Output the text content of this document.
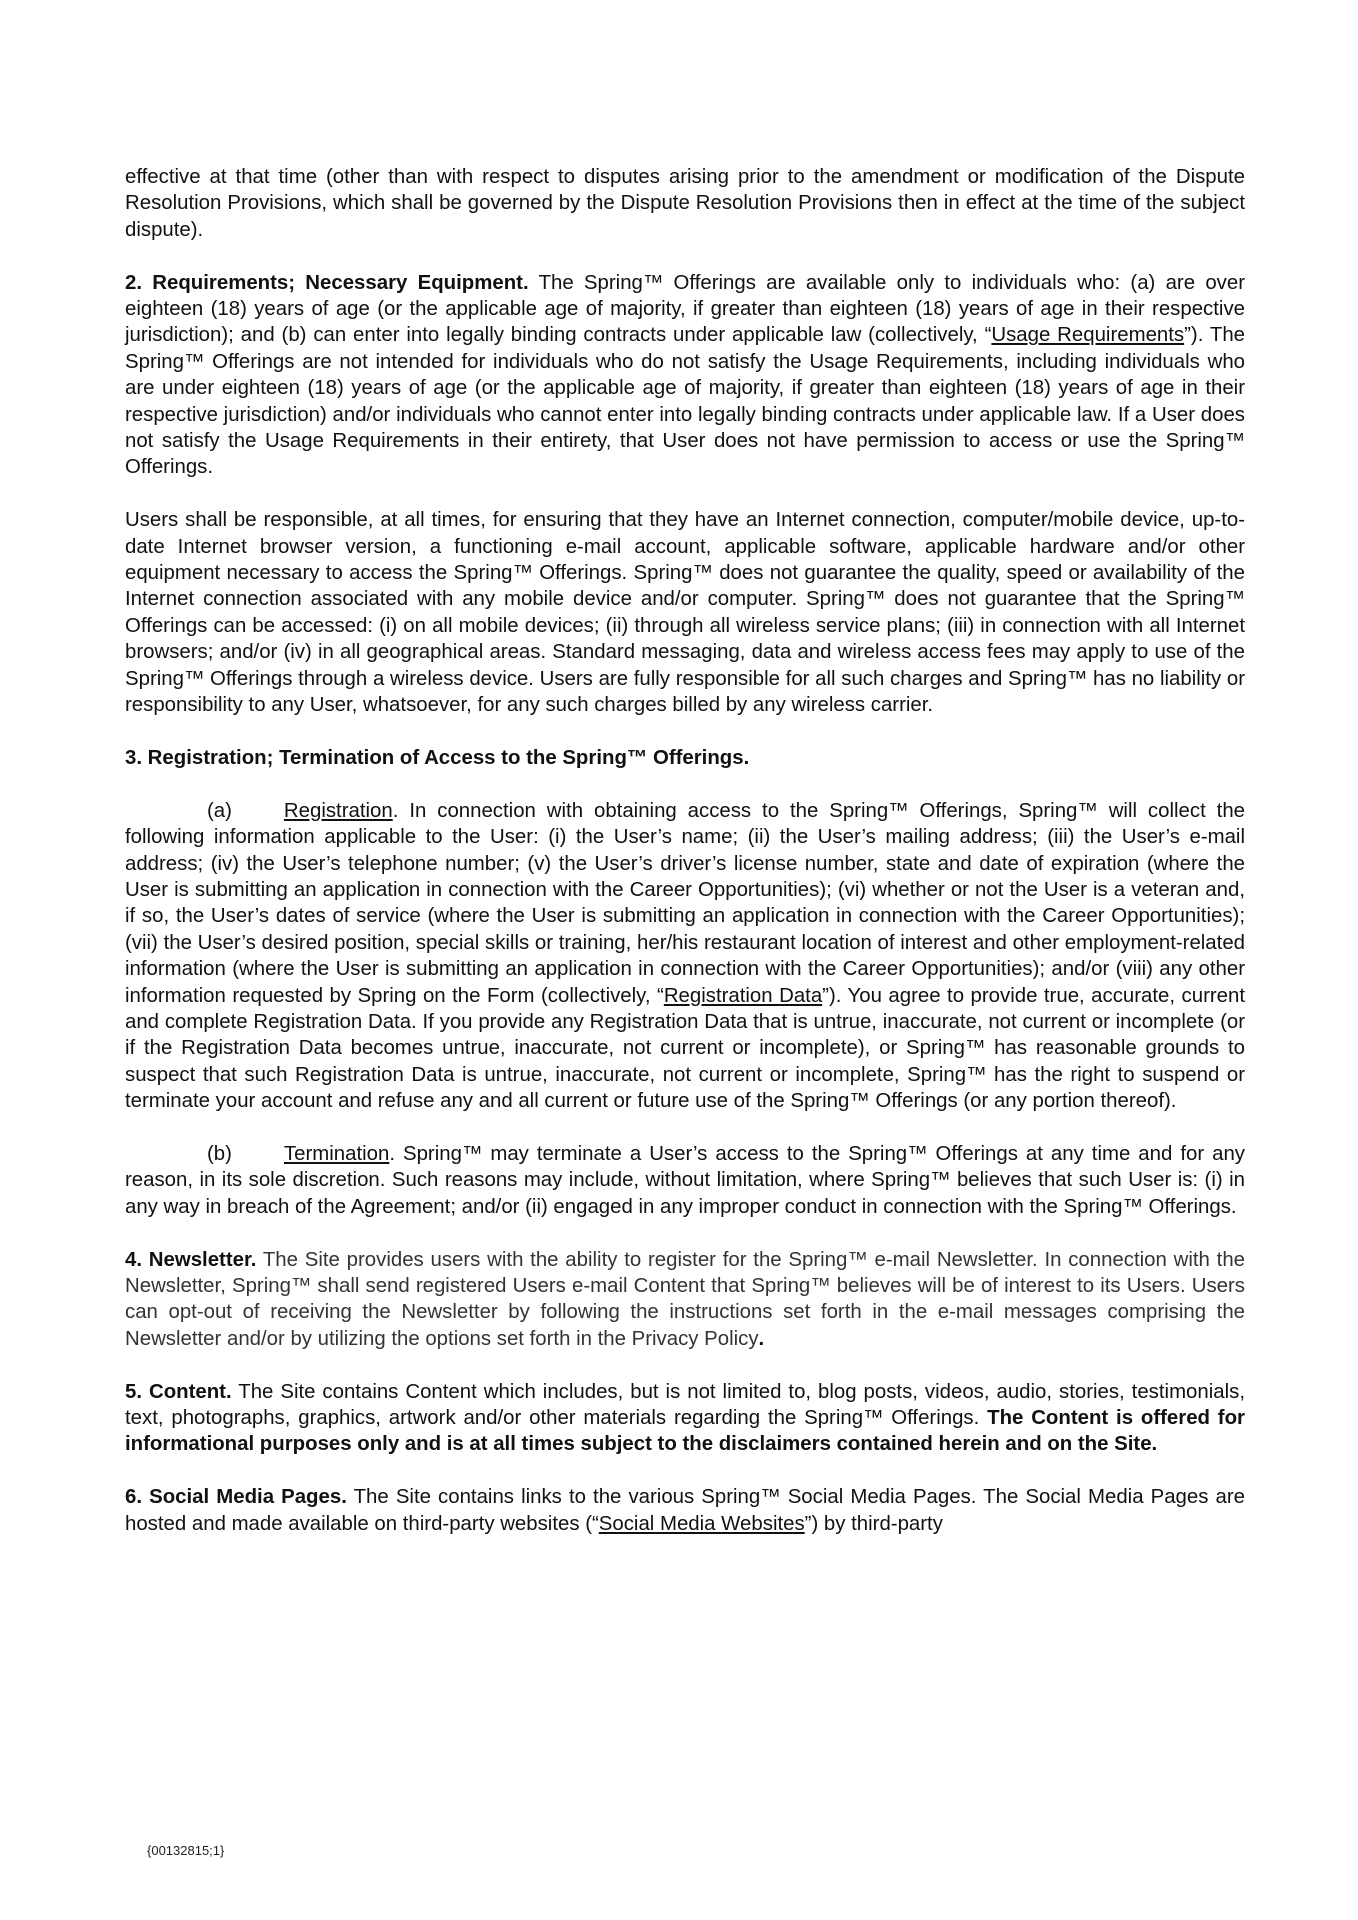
effective at that time (other than with respect to disputes arising prior to the amendment or modification of the Dispute Resolution Provisions, which shall be governed by the Dispute Resolution Provisions then in effect at the time of the subject dispute).

2. Requirements; Necessary Equipment. The Spring™ Offerings are available only to individuals who: (a) are over eighteen (18) years of age (or the applicable age of majority, if greater than eighteen (18) years of age in their respective jurisdiction); and (b) can enter into legally binding contracts under applicable law (collectively, “Usage Requirements”). The Spring™ Offerings are not intended for individuals who do not satisfy the Usage Requirements, including individuals who are under eighteen (18) years of age (or the applicable age of majority, if greater than eighteen (18) years of age in their respective jurisdiction) and/or individuals who cannot enter into legally binding contracts under applicable law. If a User does not satisfy the Usage Requirements in their entirety, that User does not have permission to access or use the Spring™ Offerings.

Users shall be responsible, at all times, for ensuring that they have an Internet connection, computer/mobile device, up-to-date Internet browser version, a functioning e-mail account, applicable software, applicable hardware and/or other equipment necessary to access the Spring™ Offerings. Spring™ does not guarantee the quality, speed or availability of the Internet connection associated with any mobile device and/or computer. Spring™ does not guarantee that the Spring™ Offerings can be accessed: (i) on all mobile devices; (ii) through all wireless service plans; (iii) in connection with all Internet browsers; and/or (iv) in all geographical areas. Standard messaging, data and wireless access fees may apply to use of the Spring™ Offerings through a wireless device. Users are fully responsible for all such charges and Spring™ has no liability or responsibility to any User, whatsoever, for any such charges billed by any wireless carrier.

3. Registration; Termination of Access to the Spring™ Offerings.

(a)	Registration. In connection with obtaining access to the Spring™ Offerings, Spring™ will collect the following information applicable to the User: (i) the User’s name; (ii) the User’s mailing address; (iii) the User’s e-mail address; (iv) the User’s telephone number; (v) the User’s driver’s license number, state and date of expiration (where the User is submitting an application in connection with the Career Opportunities); (vi) whether or not the User is a veteran and, if so, the User’s dates of service (where the User is submitting an application in connection with the Career Opportunities); (vii) the User’s desired position, special skills or training, her/his restaurant location of interest and other employment-related information (where the User is submitting an application in connection with the Career Opportunities); and/or (viii) any other information requested by Spring on the Form (collectively, “Registration Data”). You agree to provide true, accurate, current and complete Registration Data. If you provide any Registration Data that is untrue, inaccurate, not current or incomplete (or if the Registration Data becomes untrue, inaccurate, not current or incomplete), or Spring™ has reasonable grounds to suspect that such Registration Data is untrue, inaccurate, not current or incomplete, Spring™ has the right to suspend or terminate your account and refuse any and all current or future use of the Spring™ Offerings (or any portion thereof).

(b)	Termination. Spring™ may terminate a User’s access to the Spring™ Offerings at any time and for any reason, in its sole discretion. Such reasons may include, without limitation, where Spring™ believes that such User is: (i) in any way in breach of the Agreement; and/or (ii) engaged in any improper conduct in connection with the Spring™ Offerings.

4. Newsletter. The Site provides users with the ability to register for the Spring™ e-mail Newsletter. In connection with the Newsletter, Spring™ shall send registered Users e-mail Content that Spring™ believes will be of interest to its Users. Users can opt-out of receiving the Newsletter by following the instructions set forth in the e-mail messages comprising the Newsletter and/or by utilizing the options set forth in the Privacy Policy.

5. Content. The Site contains Content which includes, but is not limited to, blog posts, videos, audio, stories, testimonials, text, photographs, graphics, artwork and/or other materials regarding the Spring™ Offerings. The Content is offered for informational purposes only and is at all times subject to the disclaimers contained herein and on the Site.

6. Social Media Pages. The Site contains links to the various Spring™ Social Media Pages. The Social Media Pages are hosted and made available on third-party websites (“Social Media Websites”) by third-party

{00132815;1}
